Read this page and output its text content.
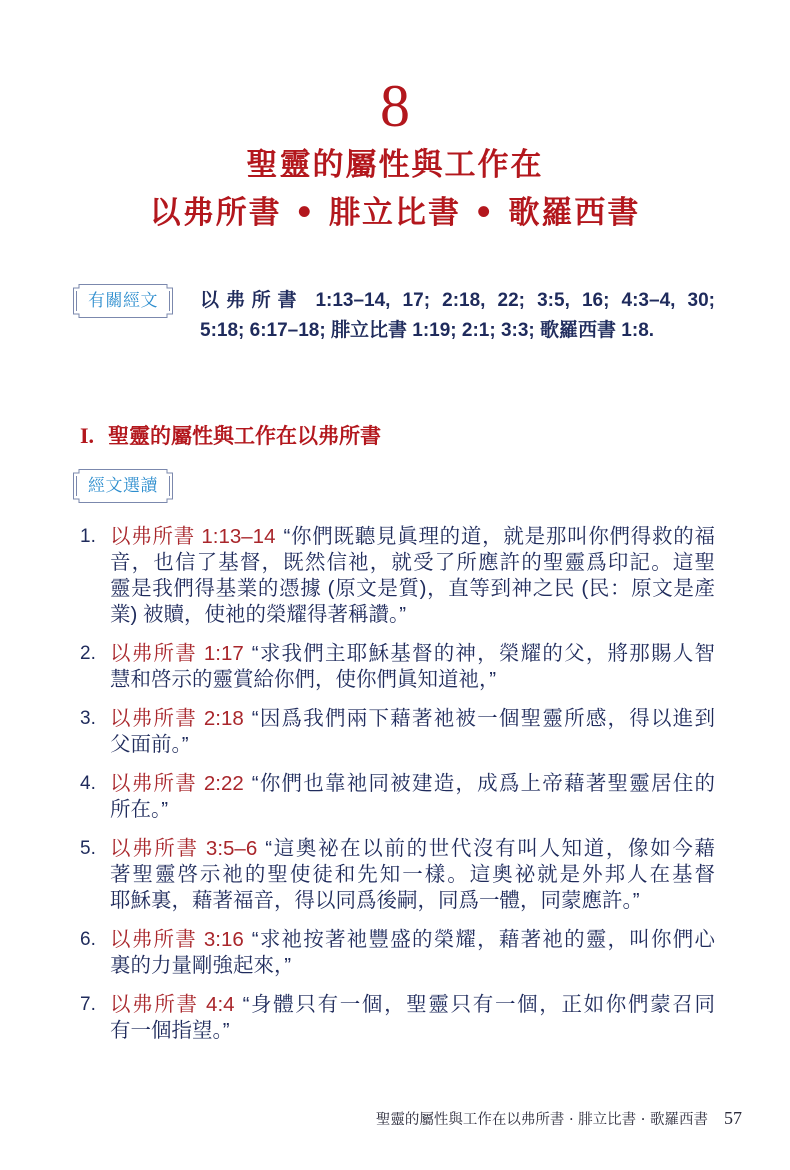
8
聖靈的屬性與工作在
以弗所書 • 腓立比書 • 歌羅西書
有關經文	以弗所書 1:13–14, 17; 2:18, 22; 3:5, 16; 4:3–4, 30;
5:18; 6:17–18; 腓立比書 1:19; 2:1; 3:3; 歌羅西書 1:8.
I. 聖靈的屬性與工作在以弗所書
經文選讀
1. 以弗所書 1:13–14 “你們既聽見眞理的道，就是那叫你們得救的福
音，也信了基督，既然信祂，就受了所應許的聖靈爲印記。這聖
靈是我們得基業的憑據 (原文是質)，直等到神之民 (民：原文是產
業) 被贖，使祂的榮耀得著稱讚。”
2. 以弗所書 1:17 “求我們主耶穌基督的神，榮耀的父，將那賜人智
慧和啓示的靈賞給你們，使你們眞知道祂，”
3. 以弗所書 2:18 “因爲我們兩下藉著祂被一個聖靈所感，得以進到
父面前。”
4. 以弗所書 2:22 “你們也靠祂同被建造，成爲上帝藉著聖靈居住的
所在。”
5. 以弗所書 3:5–6 “這奧祕在以前的世代沒有叫人知道，像如今藉
著聖靈啓示祂的聖使徒和先知一樣。這奧祕就是外邦人在基督
耶穌裏，藉著福音，得以同爲後嗣，同爲一體，同蒙應許。”
6. 以弗所書 3:16 “求祂按著祂豐盛的榮耀，藉著祂的靈，叫你們心
裏的力量剛強起來，”
7. 以弗所書 4:4 “身體只有一個，聖靈只有一個，正如你們蒙召同
有一個指望。”
聖靈的屬性與工作在以弗所書 · 腓立比書 · 歌羅西書 57
